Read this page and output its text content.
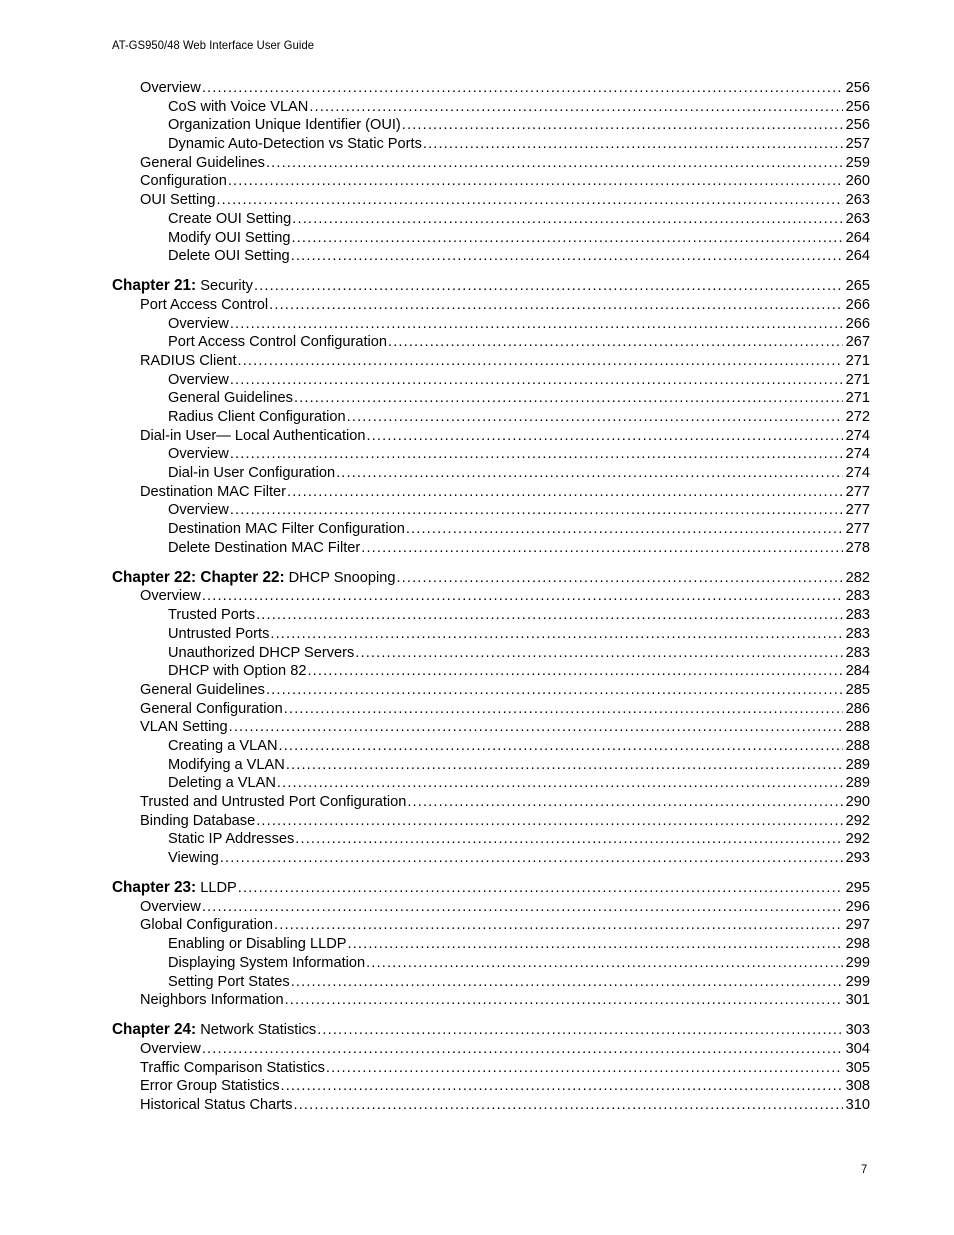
AT-GS950/48 Web Interface User Guide
Overview . . .	256
CoS with Voice VLAN . . .	256
Organization Unique Identifier (OUI) . . .	256
Dynamic Auto-Detection vs Static Ports . . .	257
General Guidelines . . .	259
Configuration . . .	260
OUI Setting . . .	263
Create OUI Setting . . .	263
Modify OUI Setting . . .	264
Delete OUI Setting . . .	264
Chapter 21: Security . . .	265
Port Access Control . . .	266
Overview . . .	266
Port Access Control Configuration . . .	267
RADIUS Client . . .	271
Overview . . .	271
General Guidelines . . .	271
Radius Client Configuration . . .	272
Dial-in User— Local Authentication . . .	274
Overview . . .	274
Dial-in User Configuration . . .	274
Destination MAC Filter . . .	277
Overview . . .	277
Destination MAC Filter Configuration . . .	277
Delete Destination MAC Filter . . .	278
Chapter 22: Chapter 22: DHCP Snooping . . .	282
Overview . . .	283
Trusted Ports . . .	283
Untrusted Ports . . .	283
Unauthorized DHCP Servers . . .	283
DHCP with Option 82 . . .	284
General Guidelines . . .	285
General Configuration . . .	286
VLAN Setting . . .	288
Creating a VLAN . . .	288
Modifying a VLAN . . .	289
Deleting a VLAN . . .	289
Trusted and Untrusted Port Configuration . . .	290
Binding Database . . .	292
Static IP Addresses . . .	292
Viewing . . .	293
Chapter 23: LLDP . . .	295
Overview . . .	296
Global Configuration . . .	297
Enabling or Disabling LLDP . . .	298
Displaying System Information . . .	299
Setting Port States . . .	299
Neighbors Information . . .	301
Chapter 24: Network Statistics . . .	303
Overview . . .	304
Traffic Comparison Statistics . . .	305
Error Group Statistics . . .	308
Historical Status Charts . . .	310
7
